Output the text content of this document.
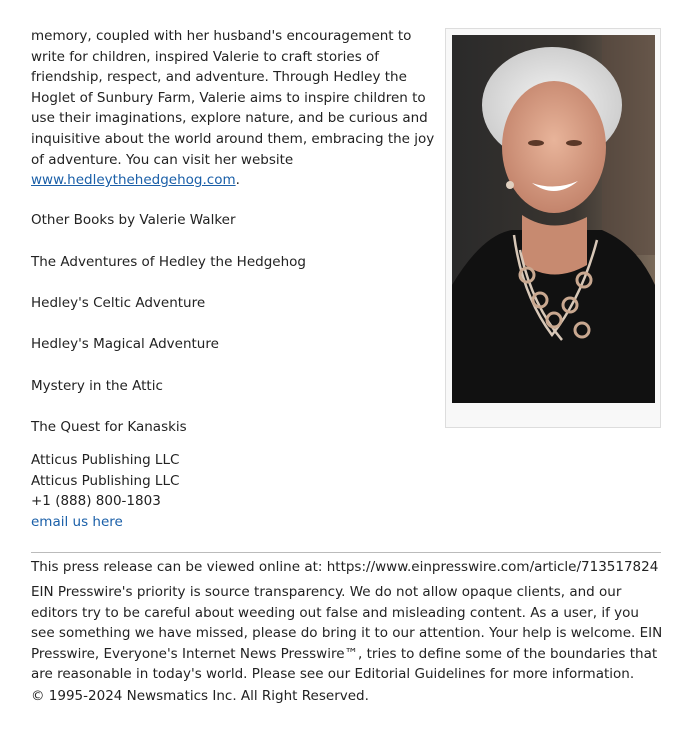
memory, coupled with her husband's encouragement to write for children, inspired Valerie to craft stories of friendship, respect, and adventure. Through Hedley the Hoglet of Sunbury Farm, Valerie aims to inspire children to use their imaginations, explore nature, and be curious and inquisitive about the world around them, embracing the joy of adventure. You can visit her website www.hedleythehedgehog.com.
Other Books by Valerie Walker
The Adventures of Hedley the Hedgehog
Hedley's Celtic Adventure
Hedley's Magical Adventure
Mystery in the Attic
The Quest for Kanaskis
Atticus Publishing LLC
Atticus Publishing LLC
+1 (888) 800-1803
email us here
This press release can be viewed online at: https://www.einpresswire.com/article/713517824
EIN Presswire's priority is source transparency. We do not allow opaque clients, and our editors try to be careful about weeding out false and misleading content. As a user, if you see something we have missed, please do bring it to our attention. Your help is welcome. EIN Presswire, Everyone's Internet News Presswire™, tries to define some of the boundaries that are reasonable in today's world. Please see our Editorial Guidelines for more information.
© 1995-2024 Newsmatics Inc. All Right Reserved.
